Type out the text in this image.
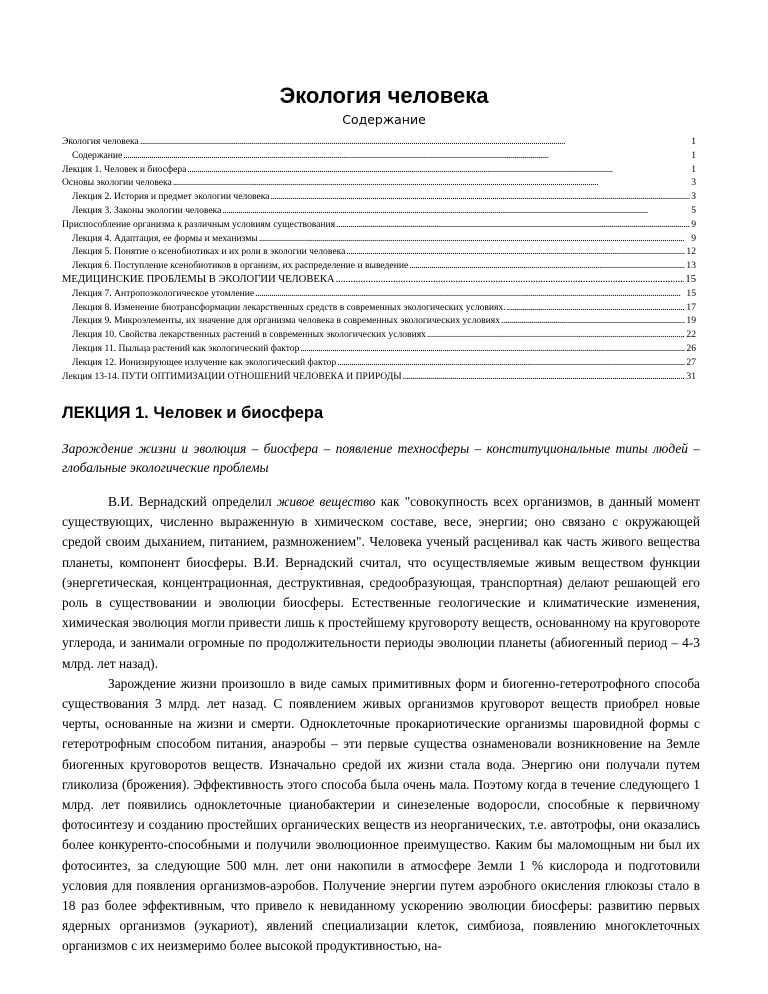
Экология человека
Содержание
Экология человека . . .	1
Содержание . . .	1
Лекция 1. Человек и биосфера . . .	1
Основы экологии человека . . .	3
Лекция 2. История и предмет экологии человека . . .	3
Лекция 3. Законы экологии человека . . .	5
Приспособление организма к различным условиям существования . . .	9
Лекция 4. Адаптация, ее формы и механизмы . . .	9
Лекция 5. Понятие о ксенобиотиках и их роли в экологии человека . . .	12
Лекция 6. Поступление ксенобиотиков в организм, их распределение и выведение . . .	13
МЕДИЦИНСКИЕ ПРОБЛЕМЫ В ЭКОЛОГИИ ЧЕЛОВЕКА . . .	15
Лекция 7. Антропоэкологическое утомление . . .	15
Лекция 8. Изменение биотрансформации лекарственных средств в современных экологических условиях. . . .	17
Лекция 9. Микроэлементы, их значение для организма человека в современных экологических условиях . . .	19
Лекция 10. Свойства лекарственных растений в современных экологических условиях . . .	22
Лекция 11. Пыльца растений как экологический фактор . . .	26
Лекция 12. Ионизирующее излучение как экологический фактор . . .	27
Лекция 13-14. ПУТИ ОПТИМИЗАЦИИ ОТНОШЕНИЙ ЧЕЛОВЕКА И ПРИРОДЫ . . .	31
ЛЕКЦИЯ 1. Человек и биосфера

Зарождение жизни и эволюция – биосфера – появление техносферы – конституциональные типы людей – глобальные экологические проблемы

В.И. Вернадский определил живое вещество как "совокупность всех организмов, в данный момент существующих, численно выраженную в химическом составе, весе, энергии; оно связано с окружающей средой своим дыханием, питанием, размножением". Человека ученый расценивал как часть живого вещества планеты, компонент биосферы. В.И. Вернадский считал, что осуществляемые живым веществом функции (энергетическая, концентрационная, деструктивная, средообразующая, транспортная) делают решающей его роль в существовании и эволюции биосферы. Естественные геологические и климатические изменения, химическая эволюция могли привести лишь к простейшему круговороту веществ, основанному на круговороте углерода, и занимали огромные по продолжительности периоды эволюции планеты (абиогенный период – 4-3 млрд. лет назад).

Зарождение жизни произошло в виде самых примитивных форм и биогенно-гетеротрофного способа существования 3 млрд. лет назад. С появлением живых организмов круговорот веществ приобрел новые черты, основанные на жизни и смерти. Одноклеточные прокариотические организмы шаровидной формы с гетеротрофным способом питания, анаэробы – эти первые существа ознаменовали возникновение на Земле биогенных круговоротов веществ. Изначально средой их жизни стала вода. Энергию они получали путем гликолиза (брожения). Эффективность этого способа была очень мала. Поэтому когда в течение следующего 1 млрд. лет появились одноклеточные цианобактерии и синезеленые водоросли, способные к первичному фотосинтезу и созданию простейших органических веществ из неорганических, т.е. автотрофы, они оказались более конкуренто-способными и получили эволюционное преимущество. Каким бы маломощным ни был их фотосинтез, за следующие 500 млн. лет они накопили в атмосфере Земли 1 % кислорода и подготовили условия для появления организмов-аэробов. Получение энергии путем аэробного окисления глюкозы стало в 18 раз более эффективным, что привело к невиданному ускорению эволюции биосферы: развитию первых ядерных организмов (эукариот), явлений специализации клеток, симбиоза, появлению многоклеточных организмов с их неизмеримо более высокой продуктивностью, на-
